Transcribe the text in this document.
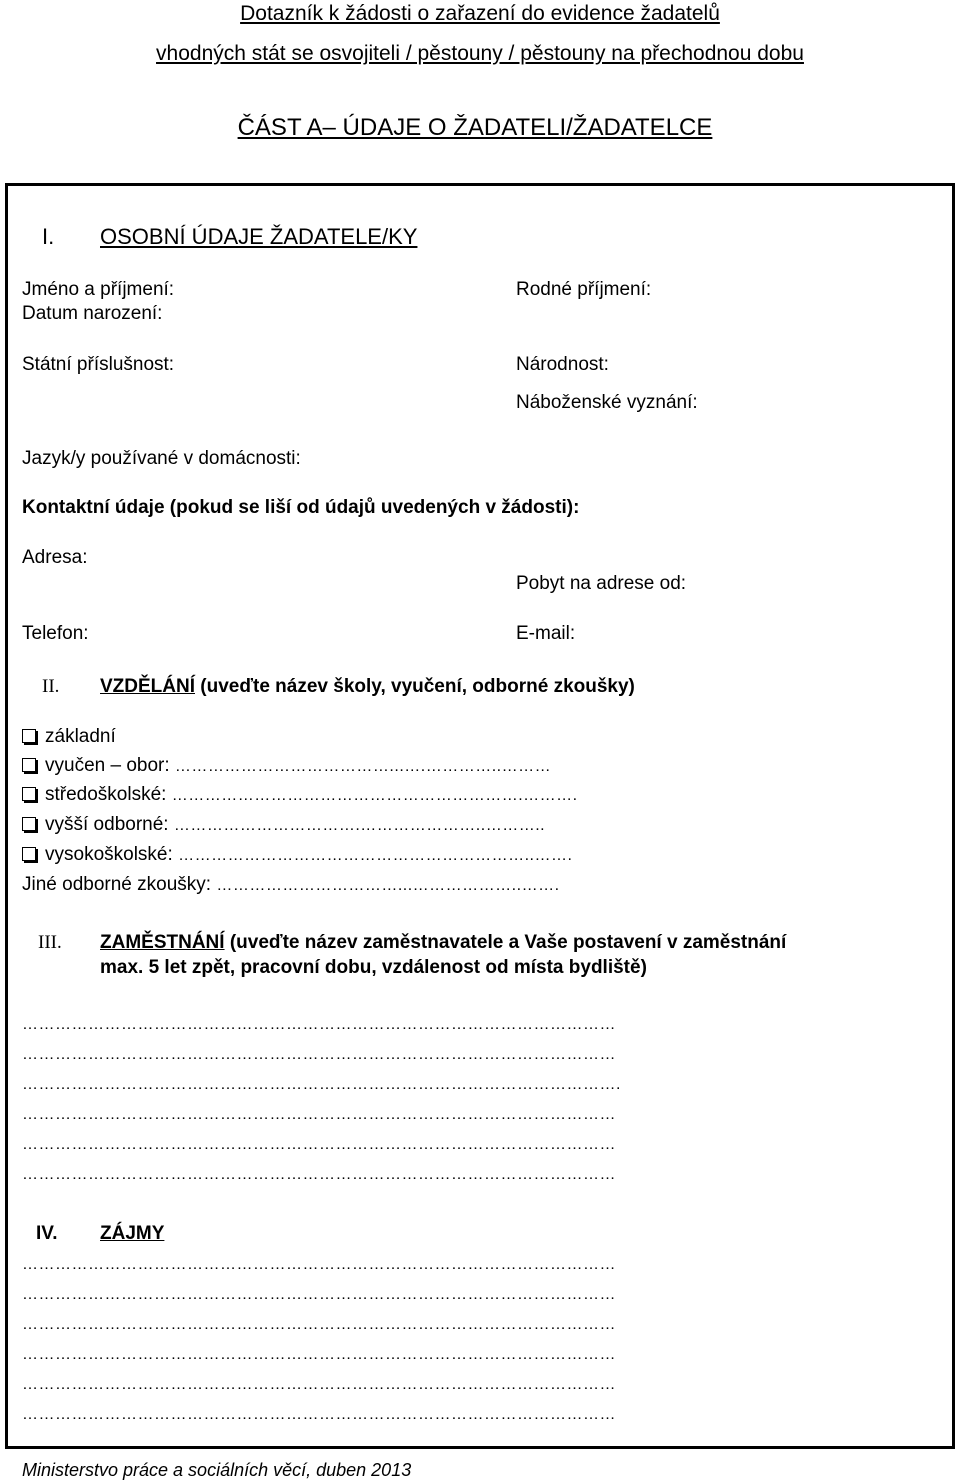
Dotazník k žádosti o zařazení do evidence žadatelů
vhodných stát se osvojiteli / pěstouny / pěstouny na přechodnou dobu
ČÁST A– ÚDAJE O ŽADATELI/ŽADATELCE
I. OSOBNÍ ÚDAJE ŽADATELE/KY
Jméno a příjmení:	Rodné příjmení:
Datum narození:
Státní příslušnost:	Národnost:
Náboženské vyznání:
Jazyk/y používané v domácnosti:
Kontaktní údaje (pokud se liší od údajů uvedených v žádosti):
Adresa:
Pobyt na adrese od:
Telefon:	E-mail:
II. VZDĚLÁNÍ (uveďte název školy, vyučení, odborné zkoušky)
základní
vyučen – obor: …………………………………...….…………..………
středoškolské: ……………………………………………………….……….
vyšší odborné: …………………………….…………………..………..
vysokoškolské: ………………………………………………………..…….
Jiné odborné zkoušky: ……………………………...………………..…….
III. ZAMĚSTNÁNÍ (uveďte název zaměstnavatele a Vaše postavení v zaměstnání
max. 5 let zpět, pracovní dobu, vzdálenost od místa bydliště)
………………………………………………………………………………………………
………………………………………………………………………………………………
……………………………………………………………………………………………….
………………………………………………………………………………………………
………………………………………………………………………………………………
………………………………………………………………………………………………
IV. ZÁJMY
………………………………………………………………………………………………
………………………………………………………………………………………………
………………………………………………………………………………………………
………………………………………………………………………………………………
………………………………………………………………………………………………
………………………………………………………………………………………………
Ministerstvo práce a sociálních věcí, duben 2013
